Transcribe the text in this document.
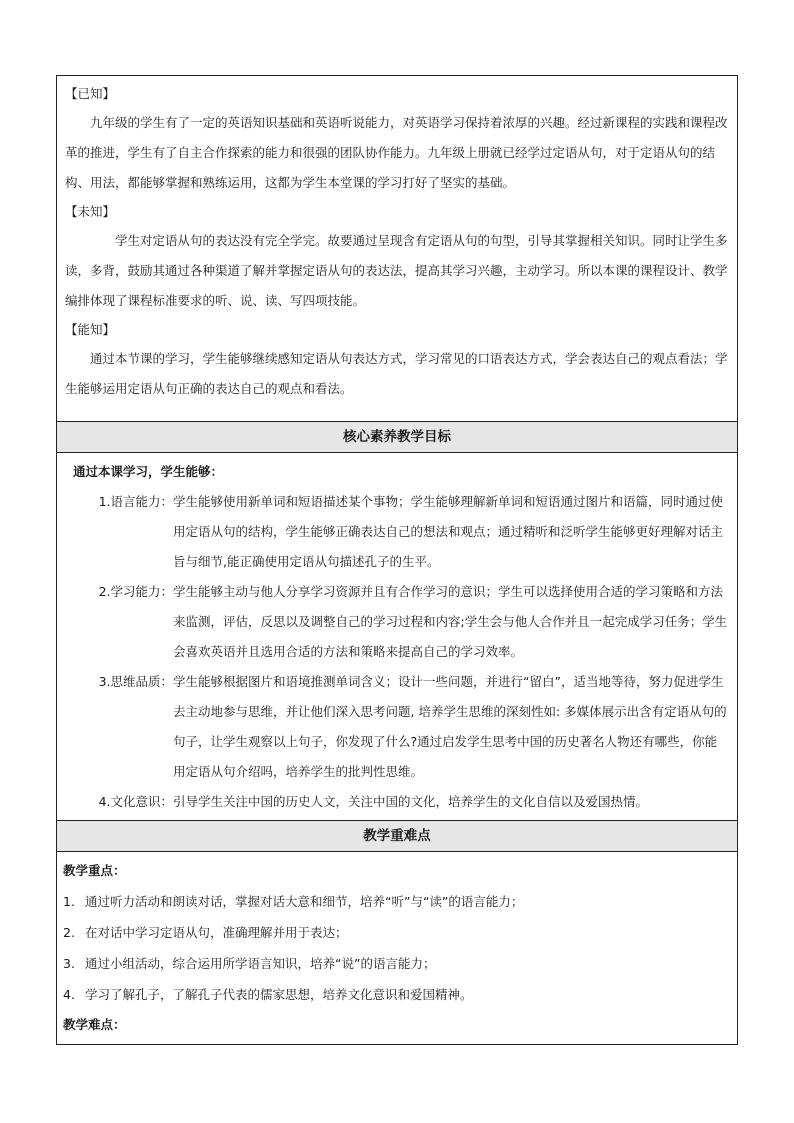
【已知】

九年级的学生有了一定的英语知识基础和英语听说能力，对英语学习保持着浓厚的兴趣。经过新课程的实践和课程改革的推进，学生有了自主合作探索的能力和很强的团队协作能力。九年级上册就已经学过定语从句，对于定语从句的结构、用法，都能够掌握和熟练运用，这都为学生本堂课的学习打好了坚实的基础。

【未知】

学生对定语从句的表达没有完全学完。故要通过呈现含有定语从句的句型，引导其掌握相关知识。同时让学生多读，多背，鼓励其通过各种渠道了解并掌握定语从句的表达法，提高其学习兴趣，主动学习。所以本课的课程设计、教学编排体现了课程标准要求的听、说、读、写四项技能。

【能知】

通过本节课的学习，学生能够继续感知定语从句表达方式，学习常见的口语表达方式，学会表达自己的观点看法；学生能够运用定语从句正确的表达自己的观点和看法。

核心素养教学目标
通过本课学习，学生能够：
1.语言能力： 学生能够使用新单词和短语描述某个事物；学生能够理解新单词和短语通过图片和语篇，同时通过使用定语从句的结构，学生能够正确表达自己的想法和观点；通过精听和泛听学生能够更好理解对话主旨与细节,能正确使用定语从句描述孔子的生平。
2.学习能力： 学生能够主动与他人分享学习资源并且有合作学习的意识；学生可以选择使用合适的学习策略和方法来监测，评估，反思以及调整自己的学习过程和内容;学生会与他人合作并且一起完成学习任务；学生会喜欢英语并且选用合适的方法和策略来提高自己的学习效率。
3.思维品质： 学生能够根据图片和语境推测单词含义；设计一些问题，并进行“留白”，适当地等待，努力促进学生去主动地参与思维，并让他们深入思考问题, 培养学生思维的深刻性如: 多媒体展示出含有定语从句的句子，让学生观察以上句子，你发现了什么?通过启发学生思考中国的历史著名人物还有哪些，你能用定语从句介绍吗，培养学生的批判性思维。
4.文化意识： 引导学生关注中国的历史人文，关注中国的文化，培养学生的文化自信以及爱国热情。
教学重难点
教学重点：
1. 通过听力活动和朗读对话，掌握对话大意和细节，培养“听”与“读”的语言能力；
2. 在对话中学习定语从句，准确理解并用于表达；
3. 通过小组活动，综合运用所学语言知识，培养“说”的语言能力；
4. 学习了解孔子，了解孔子代表的儒家思想，培养文化意识和爱国精神。
教学难点：
